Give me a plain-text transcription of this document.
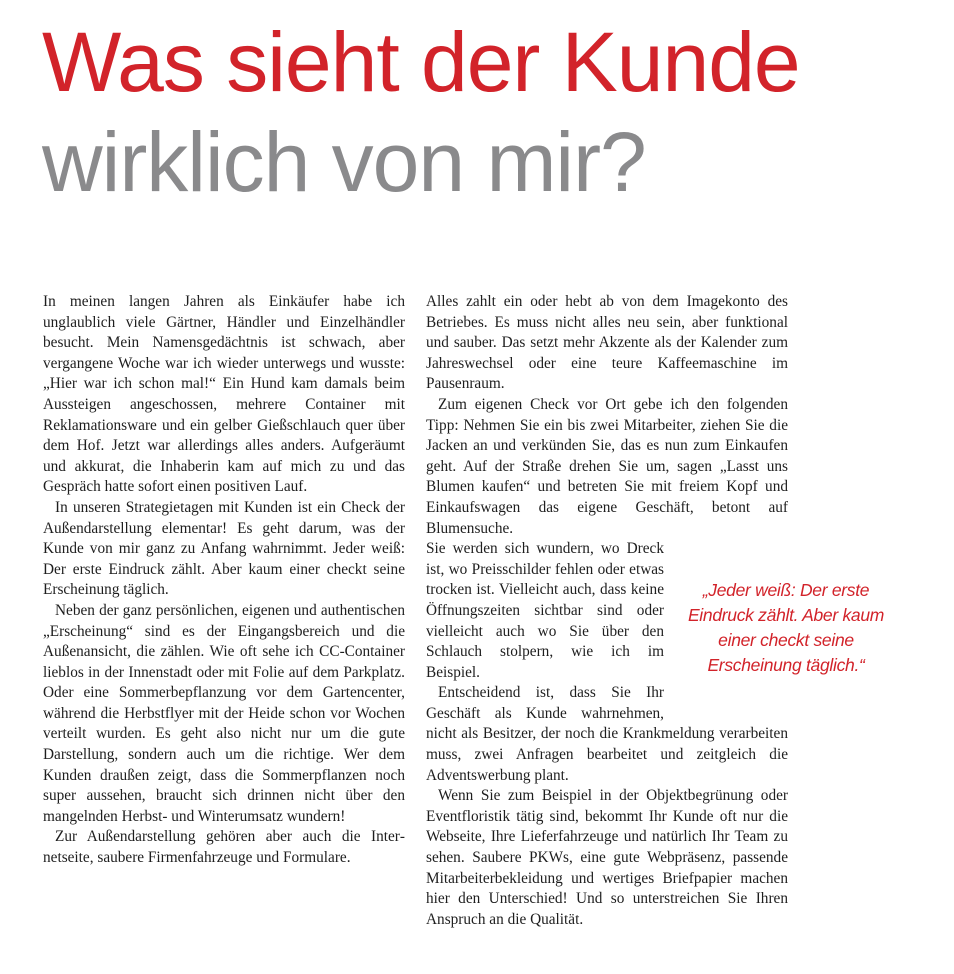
Was sieht der Kunde
wirklich von mir?

In meinen langen Jahren als Einkäufer habe ich unglaublich viele Gärtner, Händler und Einzelhändler besucht. Mein Namensgedächtnis ist schwach, aber vergangene Woche war ich wieder unterwegs und wusste: „Hier war ich schon mal!“ Ein Hund kam damals beim Aussteigen angeschossen, mehrere Container mit Reklamationsware und ein gelber Gießschlauch quer über dem Hof. Jetzt war allerdings alles anders. Aufgeräumt und akkurat, die Inhaberin kam auf mich zu und das Gespräch hatte sofort einen positiven Lauf.

In unseren Strategietagen mit Kunden ist ein Check der Außendarstellung elementar! Es geht darum, was der Kunde von mir ganz zu Anfang wahrnimmt. Jeder weiß: Der erste Eindruck zählt. Aber kaum einer checkt seine Erscheinung täglich.

Neben der ganz persönlichen, eigenen und authentischen „Erscheinung“ sind es der Eingangsbereich und die Außenansicht, die zählen. Wie oft sehe ich CC-Container lieblos in der Innenstadt oder mit Folie auf dem Parkplatz. Oder eine Sommerbepflanzung vor dem Gartencenter, während die Herbstflyer mit der Heide schon vor Wochen verteilt wurden. Es geht also nicht nur um die gute Darstellung, sondern auch um die richtige. Wer dem Kunden draußen zeigt, dass die Sommerpflanzen noch super aussehen, braucht sich drinnen nicht über den mangelnden Herbst- und Winterumsatz wundern!

Zur Außendarstellung gehören aber auch die Internetseite, saubere Firmenfahrzeuge und Formulare.

Alles zahlt ein oder hebt ab von dem Imagekonto des Betriebes. Es muss nicht alles neu sein, aber funktional und sauber. Das setzt mehr Akzente als der Kalender zum Jahreswechsel oder eine teure Kaffeemaschine im Pausenraum.

Zum eigenen Check vor Ort gebe ich den folgenden Tipp: Nehmen Sie ein bis zwei Mitarbeiter, ziehen Sie die Jacken an und verkünden Sie, das es nun zum Einkaufen geht. Auf der Straße drehen Sie um, sagen „Lasst uns Blumen kaufen“ und betreten Sie mit freiem Kopf und Einkaufswagen das eigene Geschäft, betont auf Blumensuche.

Sie werden sich wundern, wo Dreck ist, wo Preisschilder fehlen oder etwas trocken ist. Vielleicht auch, dass keine Öffnungszeiten sichtbar sind oder vielleicht auch wo Sie über den Schlauch stolpern, wie ich im Beispiel.

Entscheidend ist, dass Sie Ihr Geschäft als Kunde wahrnehmen, nicht als Besitzer, der noch die Krankmeldung verarbeiten muss, zwei Anfragen bearbeitet und zeitgleich die Adventswerbung plant.

Wenn Sie zum Beispiel in der Objektbegrünung oder Eventfloristik tätig sind, bekommt Ihr Kunde oft nur die Webseite, Ihre Lieferfahrzeuge und natürlich Ihr Team zu sehen. Saubere PKWs, eine gute Webpräsenz, passende Mitarbeiterbekleidung und wertiges Briefpapier machen hier den Unterschied! Und so unterstreichen Sie Ihren Anspruch an die Qualität.

„Jeder weiß: Der erste Eindruck zählt. Aber kaum einer checkt seine Erscheinung täglich.“
